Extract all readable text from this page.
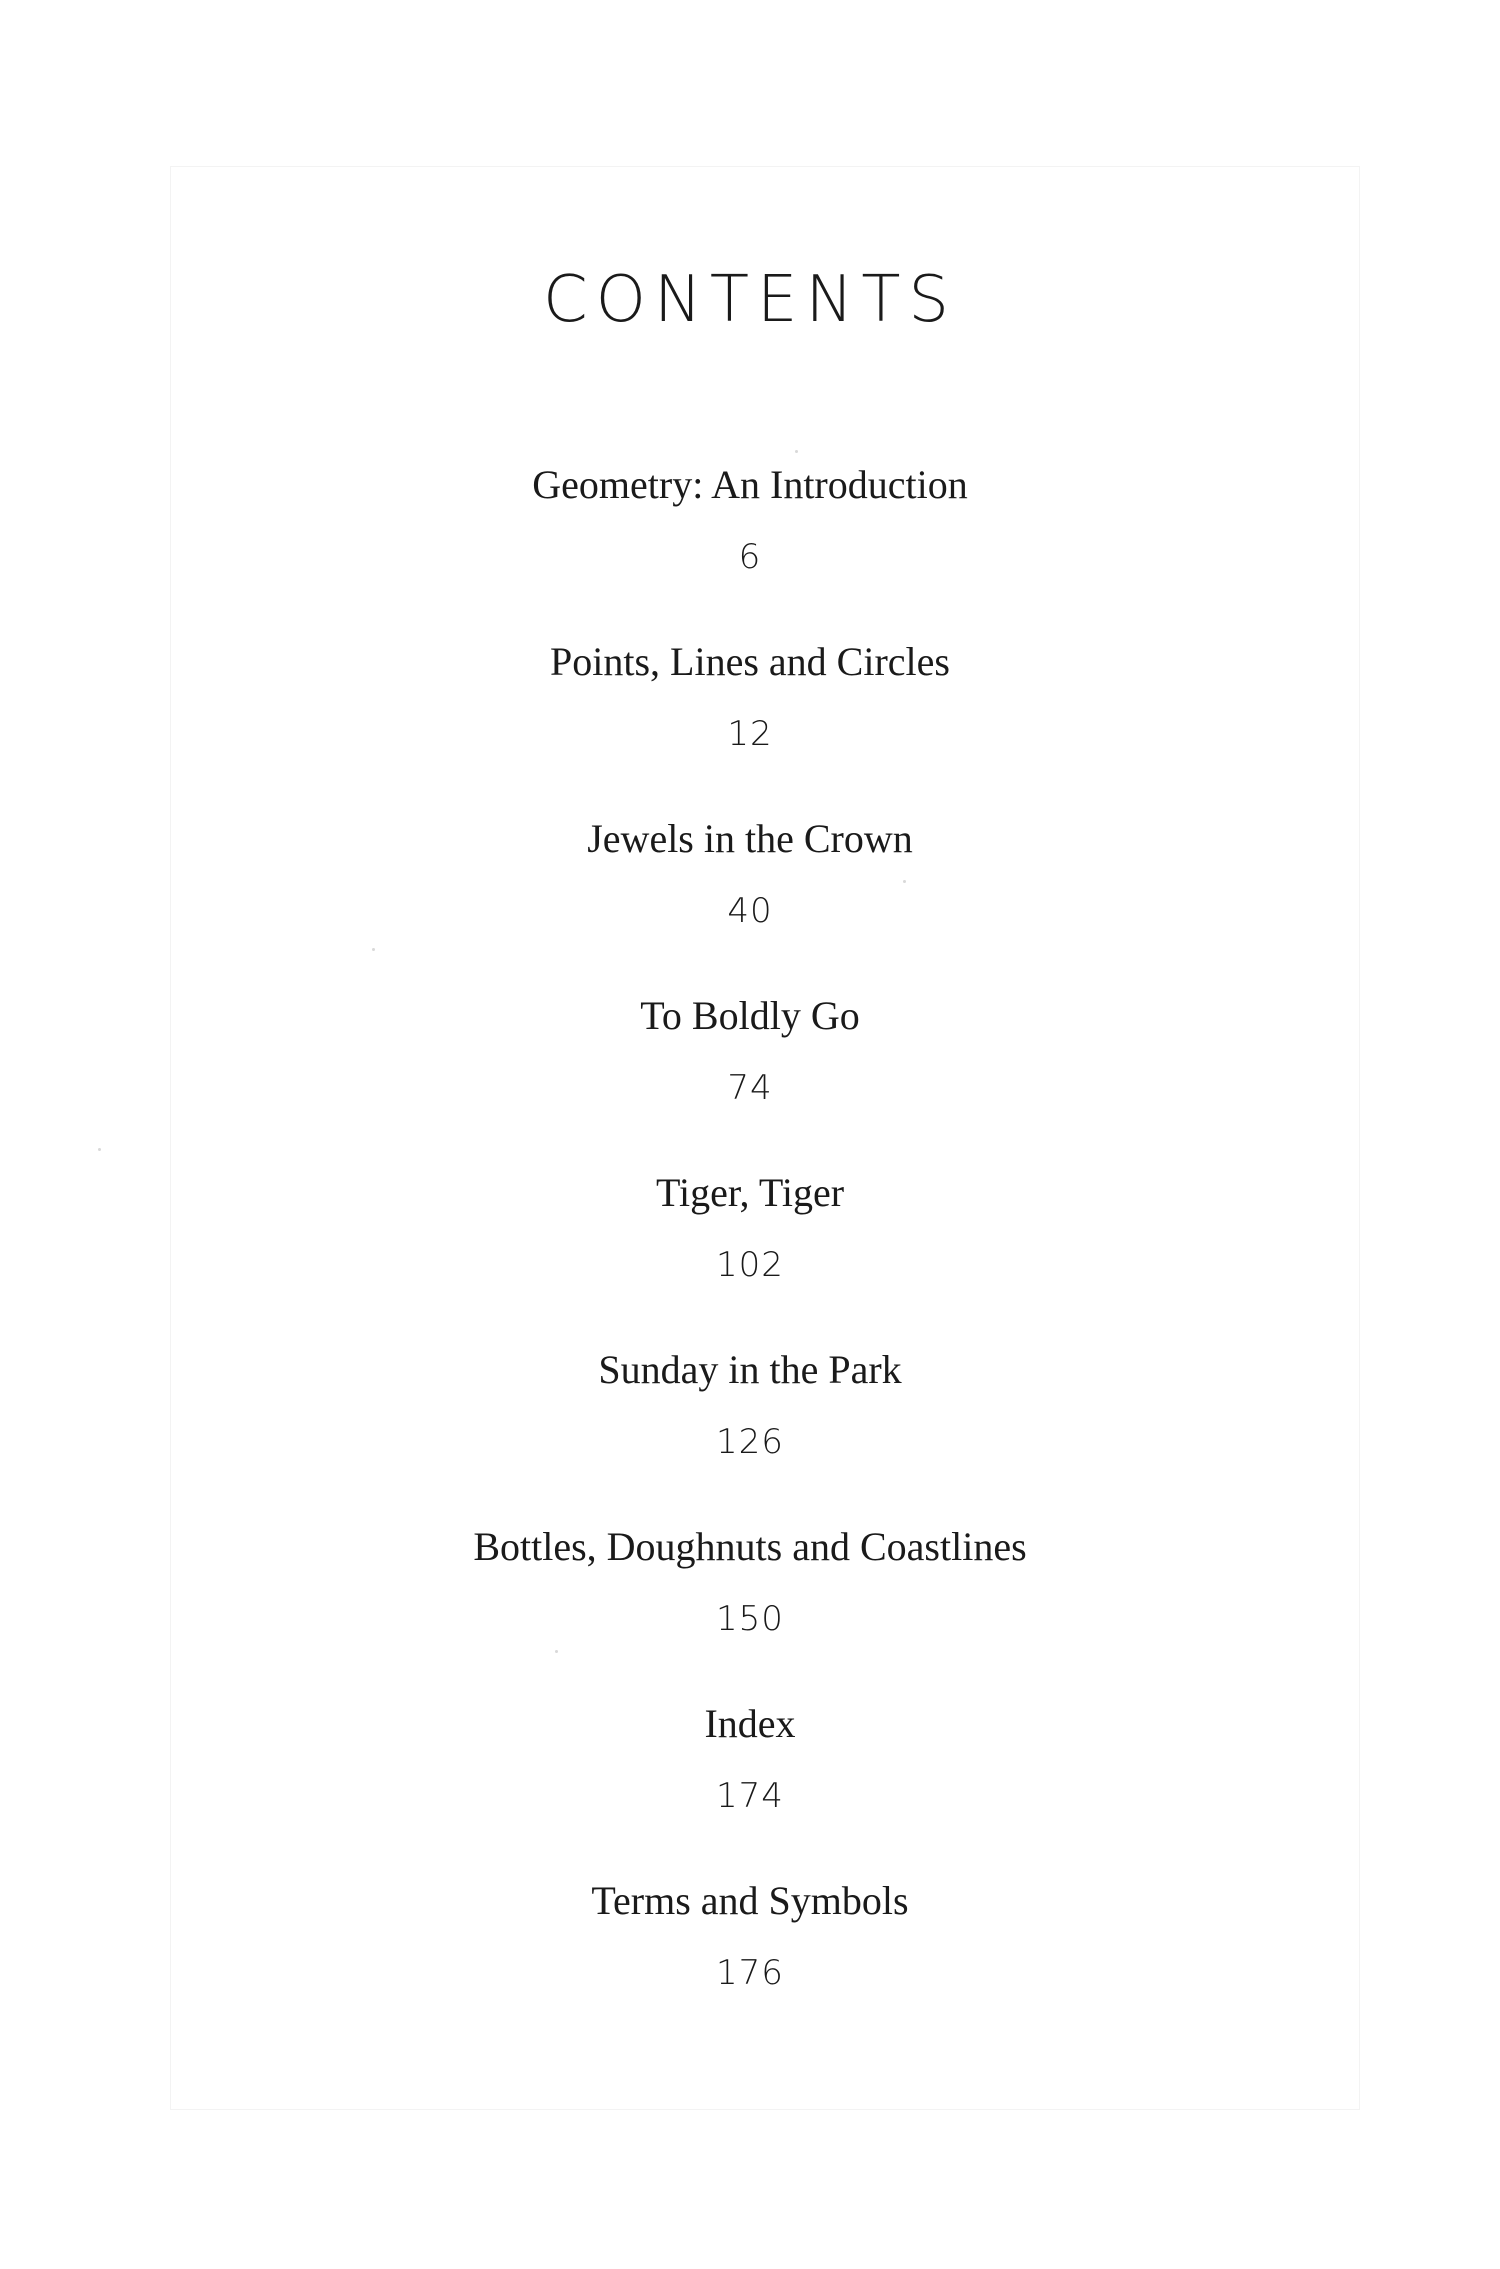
CONTENTS
Geometry: An Introduction
6
Points, Lines and Circles
12
Jewels in the Crown
40
To Boldly Go
74
Tiger, Tiger
102
Sunday in the Park
126
Bottles, Doughnuts and Coastlines
150
Index
174
Terms and Symbols
176
